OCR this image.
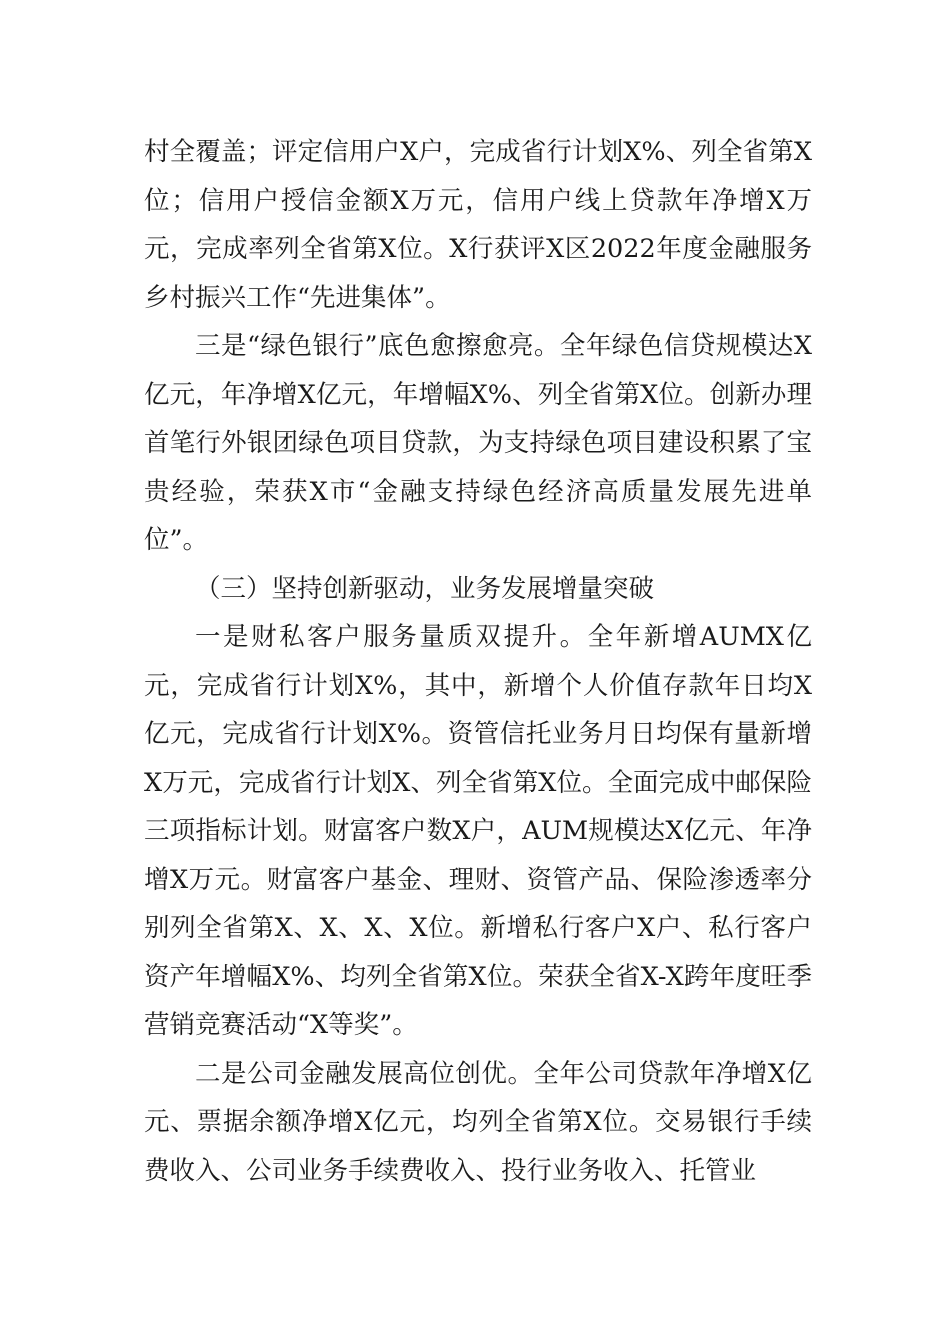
村全覆盖；评定信用户X户，完成省行计划X%、列全省第X位；信用户授信金额X万元，信用户线上贷款年净增X万元，完成率列全省第X位。X行获评X区2022年度金融服务乡村振兴工作“先进集体”。

三是“绿色银行”底色愈擦愈亮。全年绿色信贷规模达X亿元，年净增X亿元，年增幅X%、列全省第X位。创新办理首笔行外银团绿色项目贷款，为支持绿色项目建设积累了宝贵经验，荣获X市“金融支持绿色经济高质量发展先进单位”。

（三）坚持创新驱动，业务发展增量突破

一是财私客户服务量质双提升。全年新增AUMX亿元，完成省行计划X%，其中，新增个人价值存款年日均X亿元，完成省行计划X%。资管信托业务月日均保有量新增X万元，完成省行计划X、列全省第X位。全面完成中邮保险三项指标计划。财富客户数X户，AUM规模达X亿元、年净增X万元。财富客户基金、理财、资管产品、保险渗透率分别列全省第X、X、X、X位。新增私行客户X户、私行客户资产年增幅X%、均列全省第X位。荣获全省X-X跨年度旺季营销竞赛活动“X等奖”。

二是公司金融发展高位创优。全年公司贷款年净增X亿元、票据余额净增X亿元，均列全省第X位。交易银行手续费收入、公司业务手续费收入、投行业务收入、托管业
